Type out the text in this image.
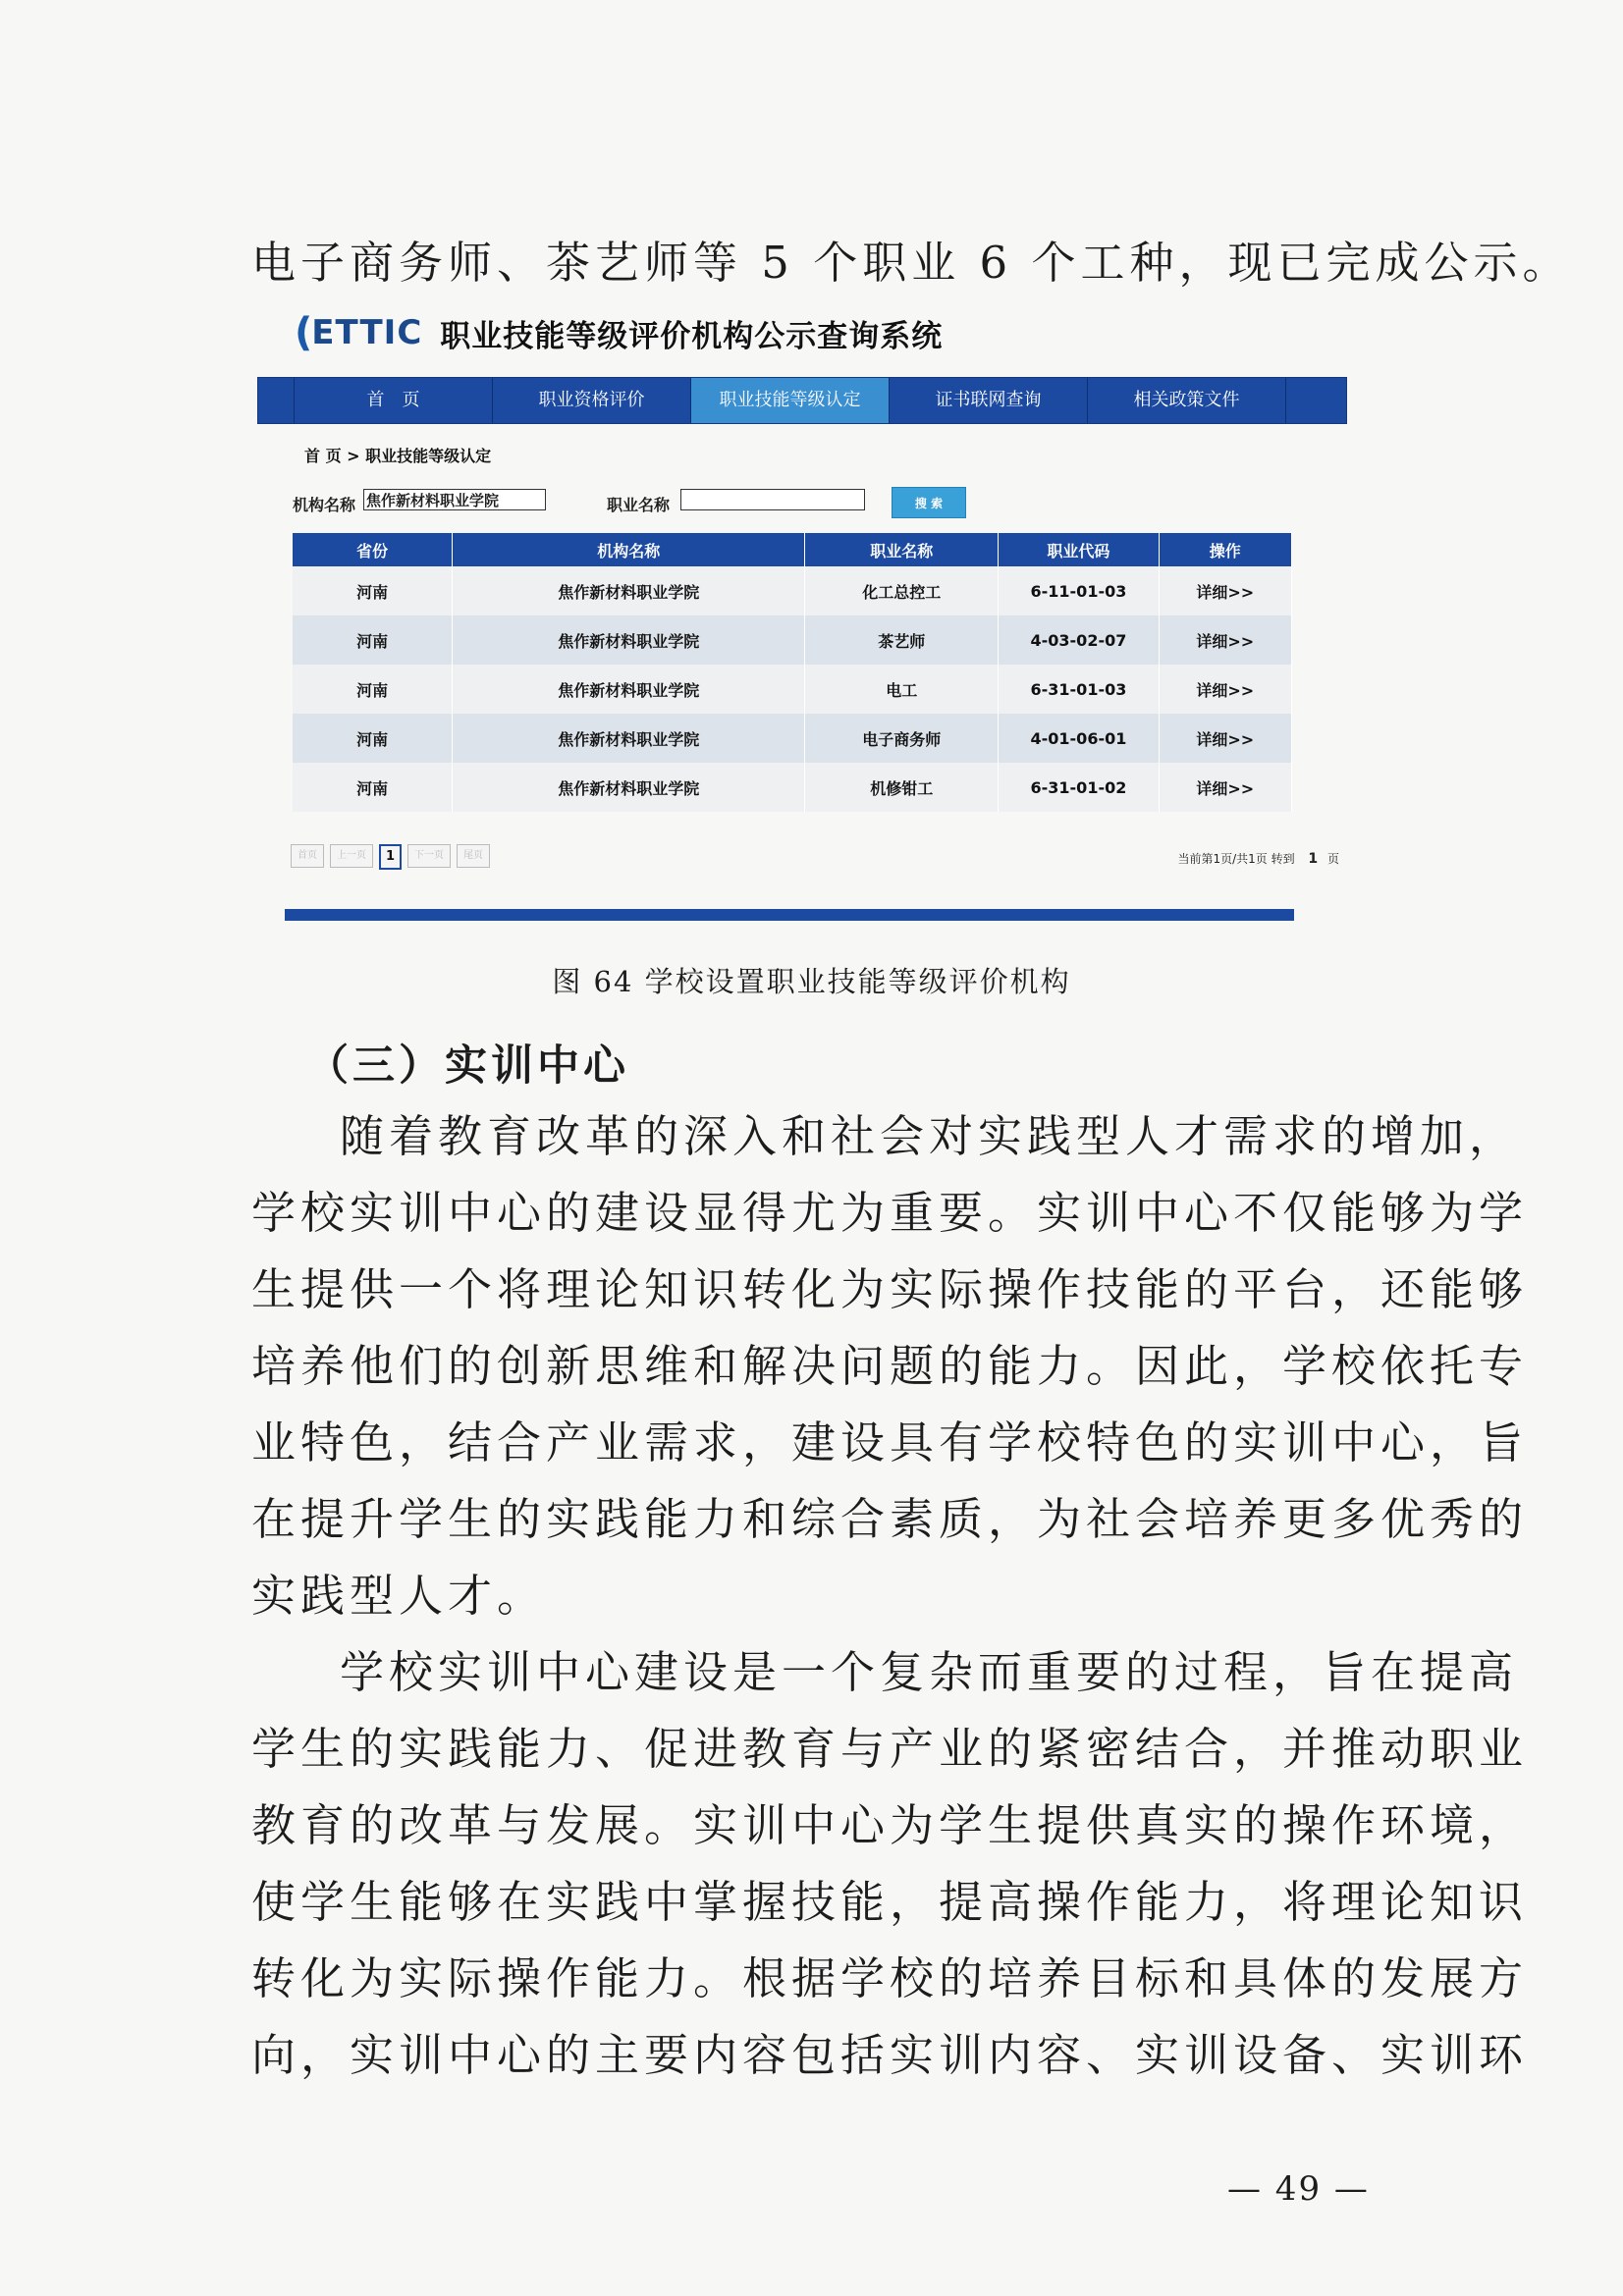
电子商务师、茶艺师等 5 个职业 6 个工种，现已完成公示。
(
ETTIC 职业技能等级评价机构公示查询系统
首　页	职业资格评价	职业技能等级认定	证书联网查询	相关政策文件
首 页 > 职业技能等级认定
机构名称 焦作新材料职业学院	职业名称	搜 索
省份	机构名称	职业名称	职业代码	操作
河南	焦作新材料职业学院	化工总控工	6-11-01-03	详细>>
河南	焦作新材料职业学院	茶艺师	4-03-02-07	详细>>
河南	焦作新材料职业学院	电工	6-31-01-03	详细>>
河南	焦作新材料职业学院	电子商务师	4-01-06-01	详细>>
河南	焦作新材料职业学院	机修钳工	6-31-01-02	详细>>
首页	上一页	1	下一页	尾页	当前第1页/共1页 转到 1 页
图 64 学校设置职业技能等级评价机构
（三）实训中心
随着教育改革的深入和社会对实践型人才需求的增加，
学校实训中心的建设显得尤为重要。实训中心不仅能够为学
生提供一个将理论知识转化为实际操作技能的平台，还能够
培养他们的创新思维和解决问题的能力。因此，学校依托专
业特色，结合产业需求，建设具有学校特色的实训中心，旨
在提升学生的实践能力和综合素质，为社会培养更多优秀的
实践型人才。
学校实训中心建设是一个复杂而重要的过程，旨在提高
学生的实践能力、促进教育与产业的紧密结合，并推动职业
教育的改革与发展。实训中心为学生提供真实的操作环境，
使学生能够在实践中掌握技能，提高操作能力，将理论知识
转化为实际操作能力。根据学校的培养目标和具体的发展方
向，实训中心的主要内容包括实训内容、实训设备、实训环
— 49 —
